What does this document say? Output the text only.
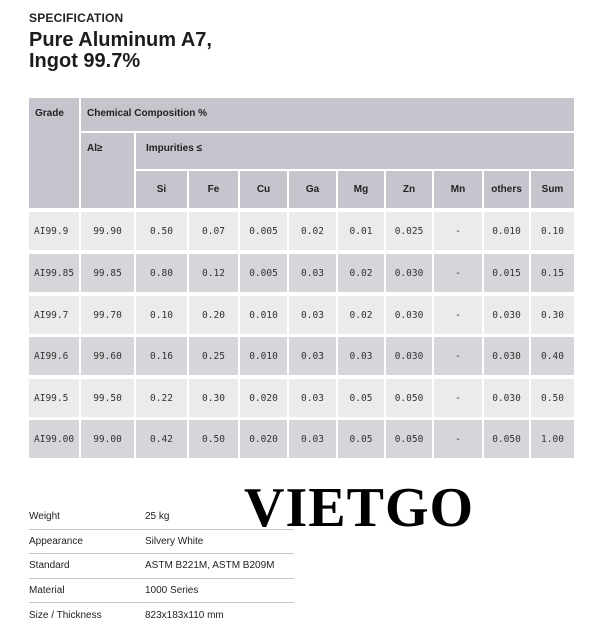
SPECIFICATION
Pure Aluminum A7,
Ingot 99.7%
Grade	Chemical Composition %
Al≥	Impurities ≤
Si	Fe	Cu	Ga	Mg	Zn	Mn	others	Sum
AI99.9	99.90	0.50	0.07	0.005	0.02	0.01	0.025	-	0.010	0.10
AI99.85	99.85	0.80	0.12	0.005	0.03	0.02	0.030	-	0.015	0.15
AI99.7	99.70	0.10	0.20	0.010	0.03	0.02	0.030	-	0.030	0.30
AI99.6	99.60	0.16	0.25	0.010	0.03	0.03	0.030	-	0.030	0.40
AI99.5	99.50	0.22	0.30	0.020	0.03	0.05	0.050	-	0.030	0.50
AI99.00	99.00	0.42	0.50	0.020	0.03	0.05	0.050	-	0.050	1.00
Weight	25 kg
Appearance	Silvery White
Standard	ASTM B221M, ASTM B209M
Material	1000 Series
Size / Thickness	823x183x110 mm
VIETGO
